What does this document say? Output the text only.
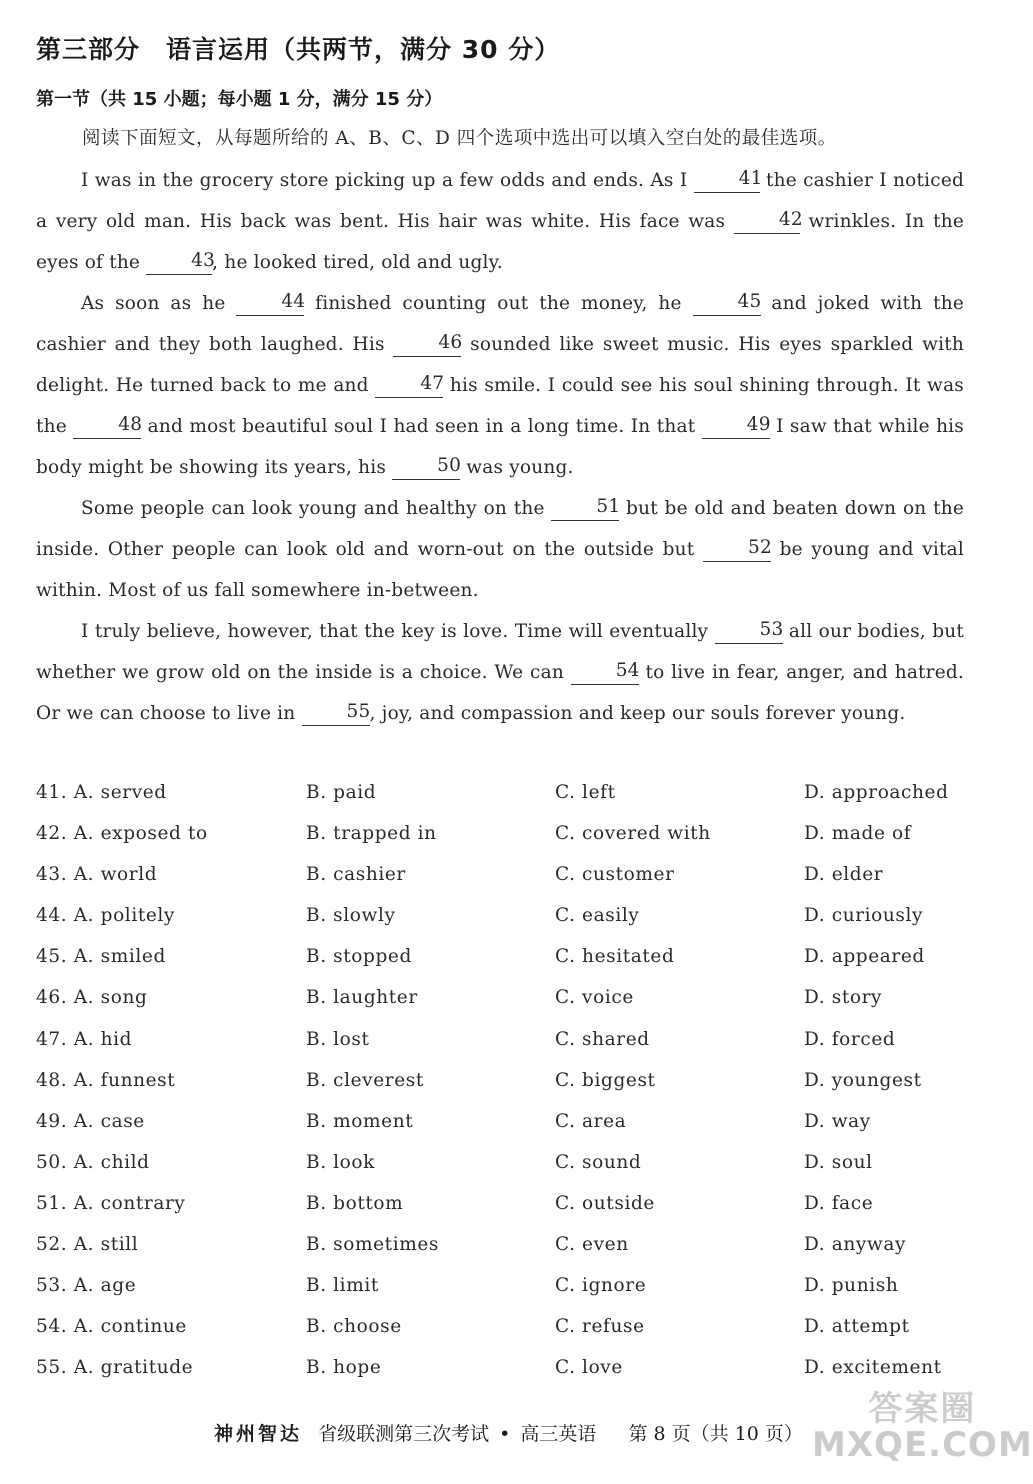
第三部分　语言运用（共两节，满分 30 分）
第一节（共 15 小题；每小题 1 分，满分 15 分）
阅读下面短文，从每题所给的 A、B、C、D 四个选项中选出可以填入空白处的最佳选项。

I was in the grocery store picking up a few odds and ends. As I 41 the cashier I noticed a very old man. His back was bent. His hair was white. His face was 42 wrinkles. In the eyes of the 43, he looked tired, old and ugly.

As soon as he 44 finished counting out the money, he 45 and joked with the cashier and they both laughed. His 46 sounded like sweet music. His eyes sparkled with delight. He turned back to me and 47 his smile. I could see his soul shining through. It was the 48 and most beautiful soul I had seen in a long time. In that 49 I saw that while his body might be showing its years, his 50 was young.

Some people can look young and healthy on the 51 but be old and beaten down on the inside. Other people can look old and worn-out on the outside but 52 be young and vital within. Most of us fall somewhere in-between.

I truly believe, however, that the key is love. Time will eventually 53 all our bodies, but whether we grow old on the inside is a choice. We can 54 to live in fear, anger, and hatred. Or we can choose to live in 55, joy, and compassion and keep our souls forever young.

41. A. served	B. paid	C. left	D. approached
42. A. exposed to	B. trapped in	C. covered with	D. made of
43. A. world	B. cashier	C. customer	D. elder
44. A. politely	B. slowly	C. easily	D. curiously
45. A. smiled	B. stopped	C. hesitated	D. appeared
46. A. song	B. laughter	C. voice	D. story
47. A. hid	B. lost	C. shared	D. forced
48. A. funnest	B. cleverest	C. biggest	D. youngest
49. A. case	B. moment	C. area	D. way
50. A. child	B. look	C. sound	D. soul
51. A. contrary	B. bottom	C. outside	D. face
52. A. still	B. sometimes	C. even	D. anyway
53. A. age	B. limit	C. ignore	D. punish
54. A. continue	B. choose	C. refuse	D. attempt
55. A. gratitude	B. hope	C. love	D. excitement
神州智达 省级联测第三次考试 • 高三英语 第 8 页（共 10 页）
答案圈
MXQE.COM
